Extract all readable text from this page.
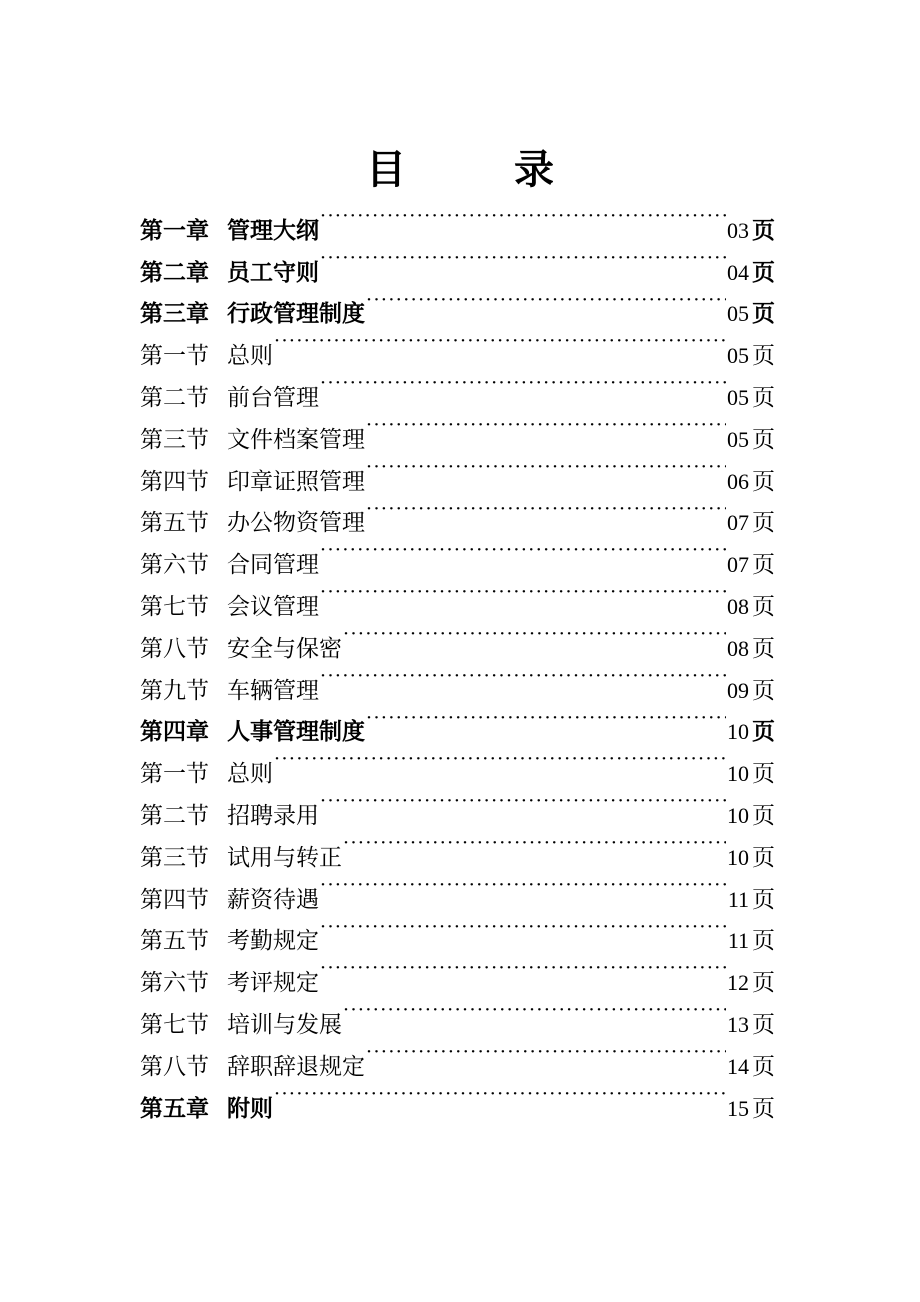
目　录
第一章 管理大纲 ·····	03 页
第二章 员工守则 ·····	04 页
第三章 行政管理制度 ·····	05 页
第一节 总则 ·····	05 页
第二节 前台管理 ·····	05 页
第三节 文件档案管理 ·····	05 页
第四节 印章证照管理 ·····	06 页
第五节 办公物资管理 ·····	07 页
第六节 合同管理 ·····	07 页
第七节 会议管理 ·····	08 页
第八节 安全与保密 ·····	08 页
第九节 车辆管理 ·····	09 页
第四章 人事管理制度 ·····	10 页
第一节 总则 ·····	10 页
第二节 招聘录用 ·····	10 页
第三节 试用与转正 ·····	10 页
第四节 薪资待遇 ·····	11 页
第五节 考勤规定 ·····	11 页
第六节 考评规定 ·····	12 页
第七节 培训与发展 ·····	13 页
第八节 辞职辞退规定 ·····	14 页
第五章 附则 ·····	15 页
